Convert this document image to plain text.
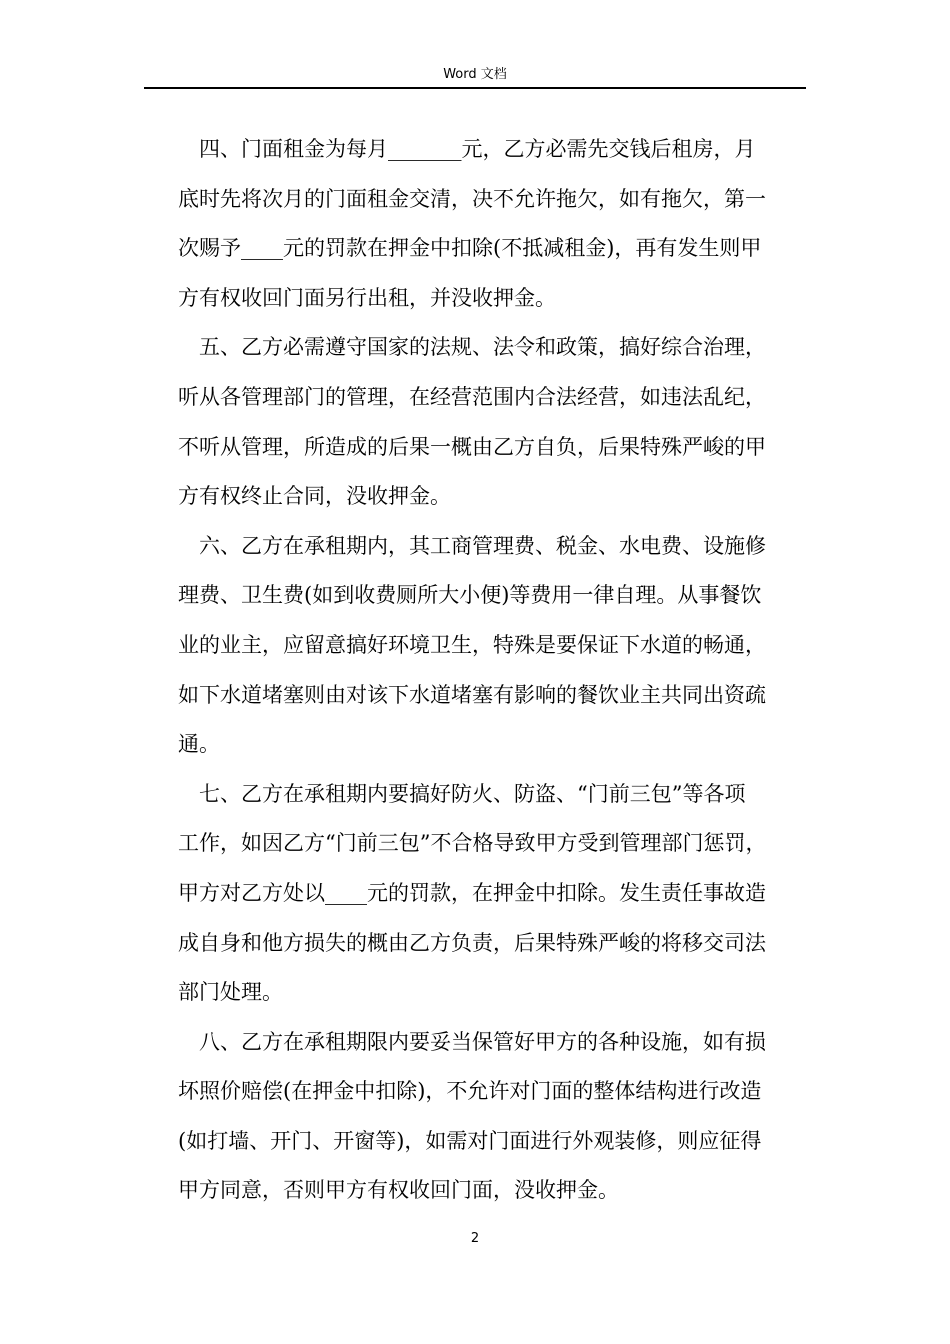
Word 文档

四、门面租金为每月_______元，乙方必需先交钱后租房，月
底时先将次月的门面租金交清，决不允许拖欠，如有拖欠，第一
次赐予____元的罚款在押金中扣除(不抵减租金)，再有发生则甲
方有权收回门面另行出租，并没收押金。

五、乙方必需遵守国家的法规、法令和政策，搞好综合治理，
听从各管理部门的管理，在经营范围内合法经营，如违法乱纪，
不听从管理，所造成的后果一概由乙方自负，后果特殊严峻的甲
方有权终止合同，没收押金。

六、乙方在承租期内，其工商管理费、税金、水电费、设施修
理费、卫生费(如到收费厕所大小便)等费用一律自理。从事餐饮
业的业主，应留意搞好环境卫生，特殊是要保证下水道的畅通，
如下水道堵塞则由对该下水道堵塞有影响的餐饮业主共同出资疏
通。

七、乙方在承租期内要搞好防火、防盗、“门前三包”等各项
工作，如因乙方“门前三包”不合格导致甲方受到管理部门惩罚，
甲方对乙方处以____元的罚款，在押金中扣除。发生责任事故造
成自身和他方损失的概由乙方负责，后果特殊严峻的将移交司法
部门处理。

八、乙方在承租期限内要妥当保管好甲方的各种设施，如有损
坏照价赔偿(在押金中扣除)，不允许对门面的整体结构进行改造
(如打墙、开门、开窗等)，如需对门面进行外观装修，则应征得
甲方同意，否则甲方有权收回门面，没收押金。

2
